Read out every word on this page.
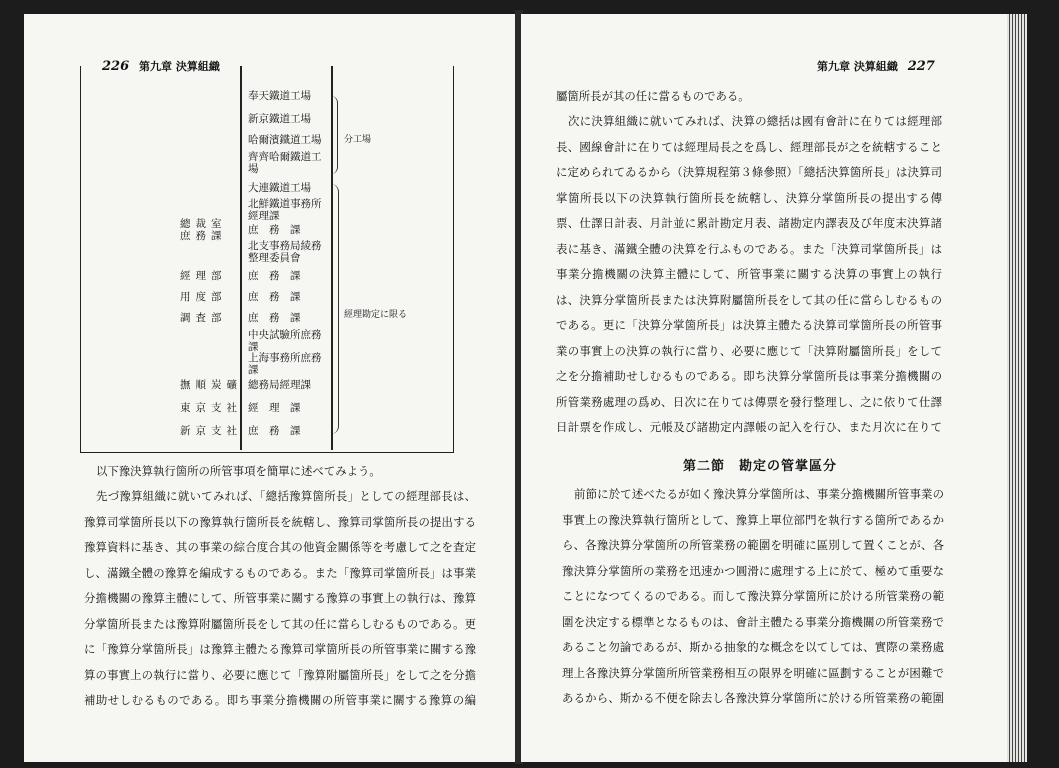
226 第九章 決算組織	第九章 決算組織 227
總裁室庶務課
經理部
用度部
調査部
撫順炭礦
東京支社
新京支社
奉天鐵道工場
新京鐵道工場
哈爾濱鐵道工場
齊齊哈爾鐵道工場
大連鐵道工場
北鮮鐵道事務所經理課
庶　務　課
北支事務局綾務整理委員會
庶　務　課
庶　務　課
庶　務　課
中央試驗所庶務課
上海事務所庶務課
總務局經理課
經　理　課
庶　務　課
分工場
經理勘定に限る

以下豫決算執行箇所の所管事項を簡單に述べてみよう。

先づ豫算組織に就いてみれば、「總括豫算箇所長」としての經理部長は、豫算司掌箇所長以下の豫算執行箇所長を統轄し、豫算司掌箇所長の提出する豫算資料に基き、其の事業の綜合度合其の他資金關係等を考慮して之を査定し、滿鐵全體の豫算を編成するものである。また「豫算司掌箇所長」は事業分擔機關の豫算主體にして、所管事業に關する豫算の事實上の執行は、豫算分掌箇所長または豫算附屬箇所長をして其の任に當らしむるものである。更に「豫算分掌箇所長」は豫算主體たる豫算司掌箇所長の所管事業に關する豫算の事實上の執行に當り、必要に應じて「豫算附屬箇所長」をして之を分擔補助せしむるものである。即ち事業分擔機關の所管事業に關する豫算の編

屬箇所長が其の任に當るものである。

次に決算組織に就いてみれば、決算の總括は國有會計に在りては經理部長、國線會計に在りては經理局長之を爲し、經理部長が之を統轄することに定められてゐるから（決算規程第３條參照）「總括決算箇所長」は決算司掌箇所長以下の決算執行箇所長を統轄し、決算分掌箇所長の提出する傳票、仕譯日計表、月計並に累計勘定月表、諸勘定内譯表及び年度末決算諸表に基き、滿鐵全體の決算を行ふものである。また「決算司掌箇所長」は事業分擔機關の決算主體にして、所管事業に關する決算の事實上の執行は、決算分掌箇所長または決算附屬箇所長をして其の任に當らしむるものである。更に「決算分掌箇所長」は決算主體たる決算司掌箇所長の所管事業の事實上の決算の執行に當り、必要に應じて「決算附屬箇所長」をして之を分擔補助せしむるものである。即ち決算分掌箇所長は事業分擔機關の所管業務處理の爲め、日次に在りては傳票を發行整理し、之に依りて仕譯日計票を作成し、元帳及び諸勘定内譯帳の記入を行ひ、また月次に在りて

第二節　勘定の管掌區分

前節に於て述べたるが如く豫決算分掌箇所は、事業分擔機關所管事業の事實上の豫決算執行箇所として、豫算上單位部門を執行する箇所であるから、各豫決算分掌箇所の所管業務の範圍を明確に區別して置くことが、各豫決算分掌箇所の業務を迅速かつ圓滑に處理する上に於て、極めて重要なことになつてくるのである。而して豫決算分掌箇所に於ける所管業務の範圍を決定する標準となるものは、會計主體たる事業分擔機關の所管業務であること勿論であるが、斯かる抽象的な概念を以てしては、實際の業務處理上各豫決算分掌箇所所管業務相互の限界を明確に區劃することが困難であるから、斯かる不便を除去し各豫決算分掌箇所に於ける所管業務の範圍
